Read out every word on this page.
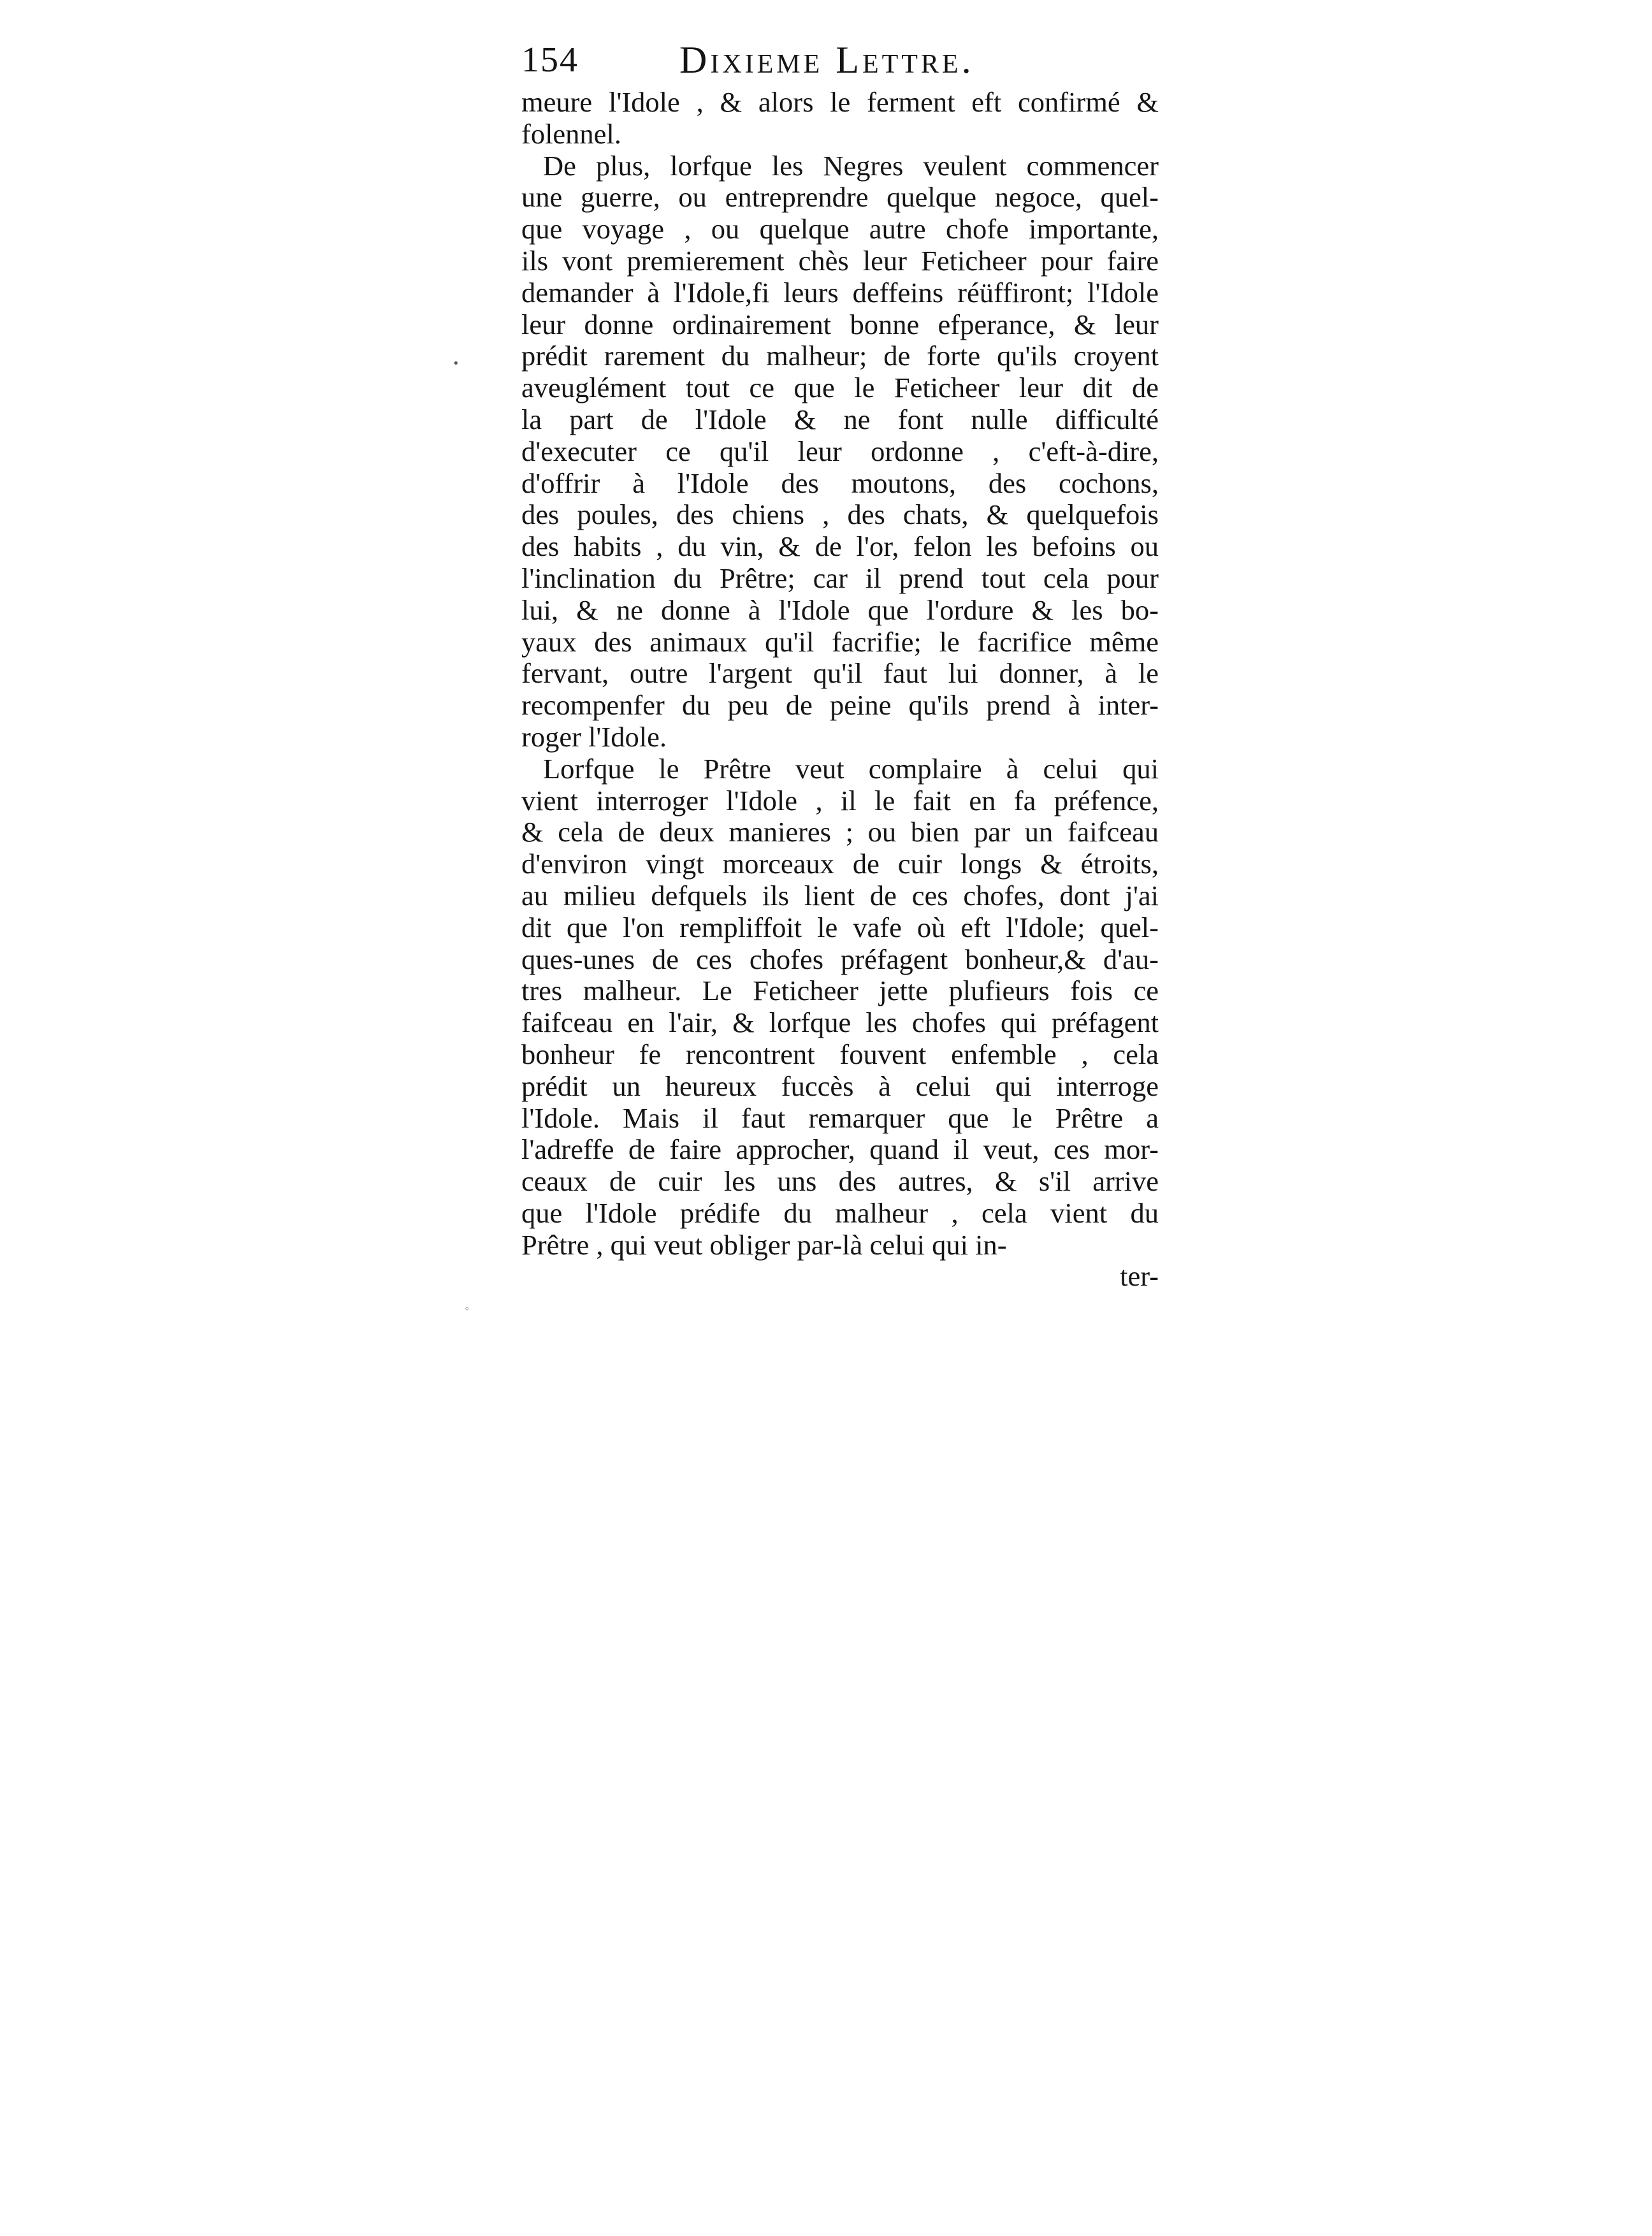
•
◦
154	Dixieme Lettre.
meure l'Idole , & alors le ferment eft confirmé &
folennel.
De plus, lorfque les Negres veulent commencer
une guerre, ou entreprendre quelque negoce, quel-
que voyage , ou quelque autre chofe importante,
ils vont premierement chès leur Feticheer pour faire
demander à l'Idole,fi leurs deffeins réüffiront; l'Idole
leur donne ordinairement bonne efperance, & leur
prédit rarement du malheur; de forte qu'ils croyent
aveuglément tout ce que le Feticheer leur dit de
la part de l'Idole & ne font nulle difficulté
d'executer ce qu'il leur ordonne , c'eft-à-dire,
d'offrir à l'Idole des moutons, des cochons,
des poules, des chiens , des chats, & quelquefois
des habits , du vin, & de l'or, felon les befoins ou
l'inclination du Prêtre; car il prend tout cela pour
lui, & ne donne à l'Idole que l'ordure & les bo-
yaux des animaux qu'il facrifie; le facrifice même
fervant, outre l'argent qu'il faut lui donner, à le
recompenfer du peu de peine qu'ils prend à inter-
roger l'Idole.
Lorfque le Prêtre veut complaire à celui qui
vient interroger l'Idole , il le fait en fa préfence,
& cela de deux manieres ; ou bien par un faifceau
d'environ vingt morceaux de cuir longs & étroits,
au milieu defquels ils lient de ces chofes, dont j'ai
dit que l'on rempliffoit le vafe où eft l'Idole; quel-
ques-unes de ces chofes préfagent bonheur,& d'au-
tres malheur. Le Feticheer jette plufieurs fois ce
faifceau en l'air, & lorfque les chofes qui préfagent
bonheur fe rencontrent fouvent enfemble , cela
prédit un heureux fuccès à celui qui interroge
l'Idole. Mais il faut remarquer que le Prêtre a
l'adreffe de faire approcher, quand il veut, ces mor-
ceaux de cuir les uns des autres, & s'il arrive
que l'Idole prédife du malheur , cela vient du
Prêtre , qui veut obliger par-là celui qui in-
ter-
